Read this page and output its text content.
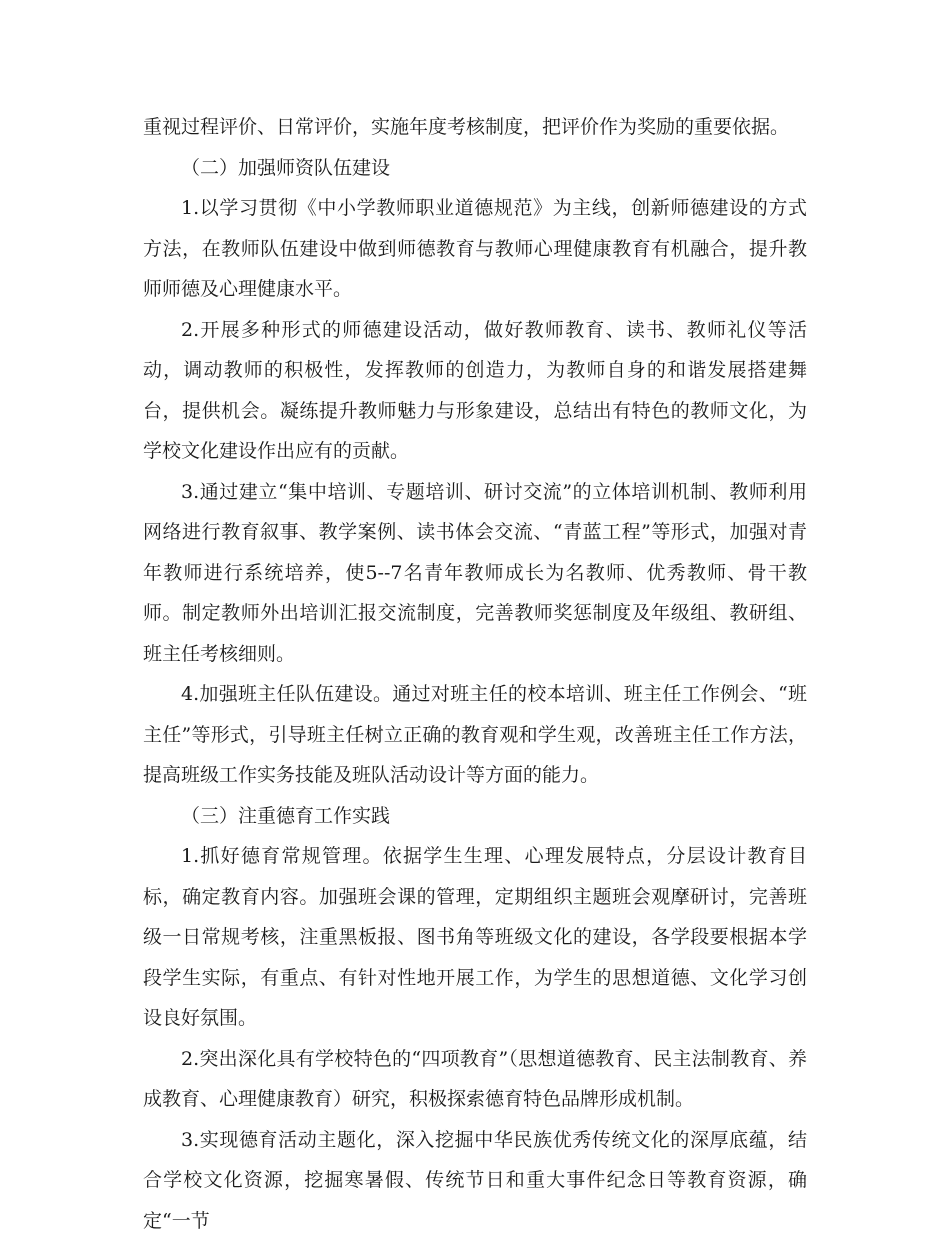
重视过程评价、日常评价，实施年度考核制度，把评价作为奖励的重要依据。

（二）加强师资队伍建设

1.以学习贯彻《中小学教师职业道德规范》为主线，创新师德建设的方式方法，在教师队伍建设中做到师德教育与教师心理健康教育有机融合，提升教师师德及心理健康水平。

2.开展多种形式的师德建设活动，做好教师教育、读书、教师礼仪等活动，调动教师的积极性，发挥教师的创造力，为教师自身的和谐发展搭建舞台，提供机会。凝练提升教师魅力与形象建设，总结出有特色的教师文化，为学校文化建设作出应有的贡献。

3.通过建立“集中培训、专题培训、研讨交流”的立体培训机制、教师利用网络进行教育叙事、教学案例、读书体会交流、“青蓝工程”等形式，加强对青年教师进行系统培养，使5--7名青年教师成长为名教师、优秀教师、骨干教师。制定教师外出培训汇报交流制度，完善教师奖惩制度及年级组、教研组、班主任考核细则。

4.加强班主任队伍建设。通过对班主任的校本培训、班主任工作例会、“班主任”等形式，引导班主任树立正确的教育观和学生观，改善班主任工作方法，提高班级工作实务技能及班队活动设计等方面的能力。

（三）注重德育工作实践

1.抓好德育常规管理。依据学生生理、心理发展特点，分层设计教育目标，确定教育内容。加强班会课的管理，定期组织主题班会观摩研讨，完善班级一日常规考核，注重黑板报、图书角等班级文化的建设，各学段要根据本学段学生实际，有重点、有针对性地开展工作，为学生的思想道德、文化学习创设良好氛围。

2.突出深化具有学校特色的“四项教育”（思想道德教育、民主法制教育、养成教育、心理健康教育）研究，积极探索德育特色品牌形成机制。

3.实现德育活动主题化，深入挖掘中华民族优秀传统文化的深厚底蕴，结合学校文化资源，挖掘寒暑假、传统节日和重大事件纪念日等教育资源，确定“一节
